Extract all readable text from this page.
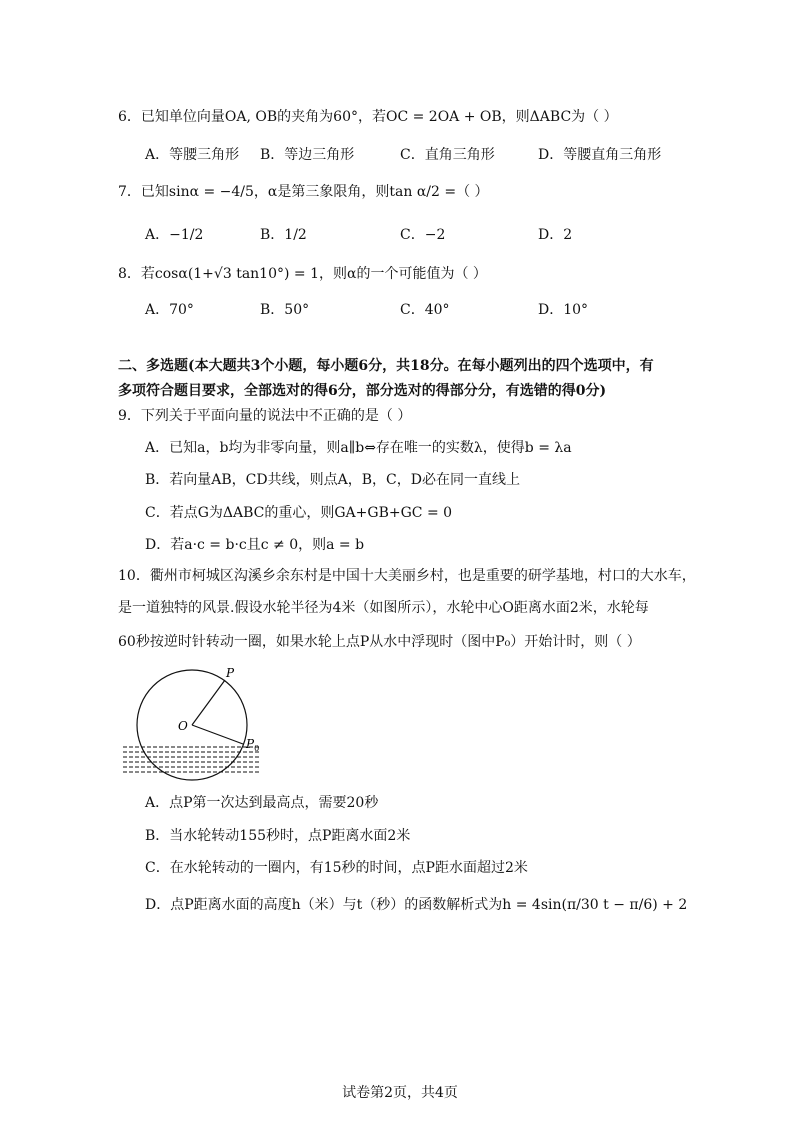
6．已知单位向量OA, OB的夹角为60°，若OC = 2OA + OB，则ΔABC为（ ）
A．等腰三角形 B．等边三角形	C．直角三角形	D．等腰直角三角形
7．已知sinα = −4/5，α是第三象限角，则tan α/2 =（ ）
A．−1/2	B．1/2	C．−2	D．2
8．若cosα(1+√3 tan10°) = 1，则α的一个可能值为（ ）
A．70°	B．50°	C．40°	D．10°
二、多选题(本大题共3个小题，每小题6分，共18分。在每小题列出的四个选项中，有
多项符合题目要求，全部选对的得6分，部分选对的得部分分，有选错的得0分)
9．下列关于平面向量的说法中不正确的是（ ）
A．已知a，b均为非零向量，则a∥b⇔存在唯一的实数λ，使得b = λa
B．若向量AB，CD共线，则点A，B，C，D必在同一直线上
C．若点G为ΔABC的重心，则GA+GB+GC = 0
D．若a·c = b·c且c ≠ 0，则a = b
10．衢州市柯城区沟溪乡余东村是中国十大美丽乡村，也是重要的研学基地，村口的大水车，
是一道独特的风景.假设水轮半径为4米（如图所示），水轮中心O距离水面2米，水轮每
60秒按逆时针转动一圈，如果水轮上点P从水中浮现时（图中P₀）开始计时，则（ ）
P
O
$P_0$
A．点P第一次达到最高点，需要20秒
B．当水轮转动155秒时，点P距离水面2米
C．在水轮转动的一圈内，有15秒的时间，点P距水面超过2米
D．点P距离水面的高度h（米）与t（秒）的函数解析式为h = 4sin(π/30 t − π/6) + 2
试卷第2页，共4页
